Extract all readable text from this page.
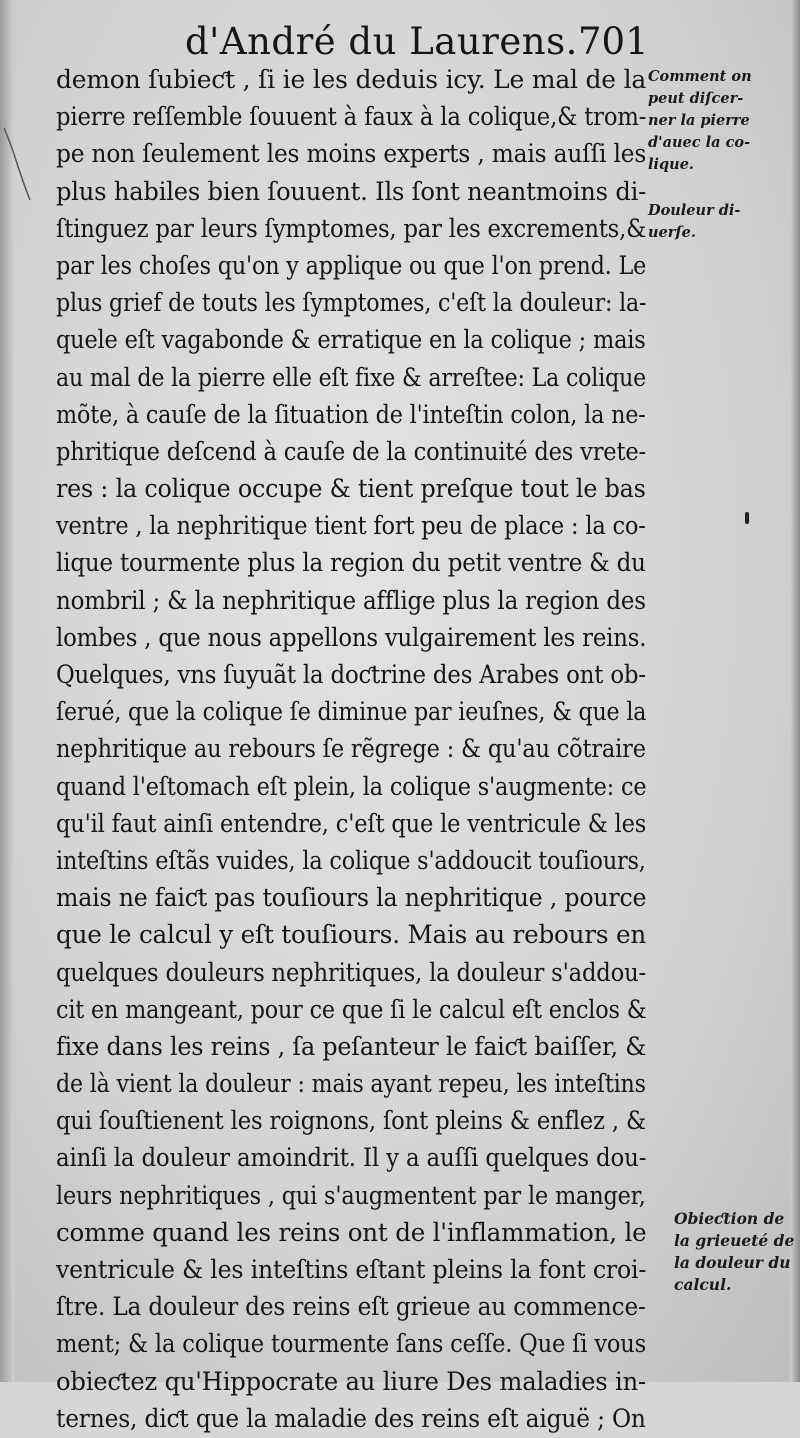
d'André du Laurens. 701
demon ſubieƈt , ſi ie les deduis icy. Le mal de la
pierre reſſemble ſouuent à faux à la colique,& trom-
pe non ſeulement les moins experts , mais auſſi les
plus habiles bien ſouuent. Ils ſont neantmoins di-
ſtinguez par leurs ſymptomes, par les excrements,&
par les choſes qu'on y applique ou que l'on prend. Le
plus grief de touts les ſymptomes, c'eſt la douleur: la-
quele eſt vagabonde & erratique en la colique ; mais
au mal de la pierre elle eſt fixe & arreſtee: La colique
mõte, à cauſe de la ſituation de l'inteſtin colon, la ne-
phritique deſcend à cauſe de la continuité des vrete-
res : la colique occupe & tient preſque tout le bas
ventre , la nephritique tient fort peu de place : la co-
lique tourmente plus la region du petit ventre & du
nombril ; & la nephritique afflige plus la region des
lombes , que nous appellons vulgairement les reins.
Quelques, vns ſuyuãt la doƈtrine des Arabes ont ob-
ſerué, que la colique ſe diminue par ieuſnes, & que la
nephritique au rebours ſe rẽgrege : & qu'au cõtraire
quand l'eſtomach eſt plein, la colique s'augmente: ce
qu'il faut ainſi entendre, c'eſt que le ventricule & les
inteſtins eſtãs vuides, la colique s'addoucit touſiours,
mais ne faiƈt pas touſiours la nephritique , pource
que le calcul y eſt touſiours. Mais au rebours en
quelques douleurs nephritiques, la douleur s'addou-
cit en mangeant, pour ce que ſi le calcul eſt enclos &
fixe dans les reins , ſa peſanteur le faiƈt baiſſer, &
de là vient la douleur : mais ayant repeu, les inteſtins
qui ſouſtienent les roignons, ſont pleins & enflez , &
ainſi la douleur amoindrit. Il y a auſſi quelques dou-
leurs nephritiques , qui s'augmentent par le manger,
comme quand les reins ont de l'inflammation, le
ventricule & les inteſtins eſtant pleins la font croi-
ſtre. La douleur des reins eſt grieue au commence-
ment; & la colique tourmente ſans ceſſe. Que ſi vous
obieƈtez qu'Hippocrate au liure Des maladies in-
ternes, diƈt que la maladie des reins eſt aiguë ; On
Comment on
peut diſcer-
ner la pierre
d'auec la co-
lique.
Douleur di-
uerſe.
Obieƈtion de
la grieueté de
la douleur du
calcul.
